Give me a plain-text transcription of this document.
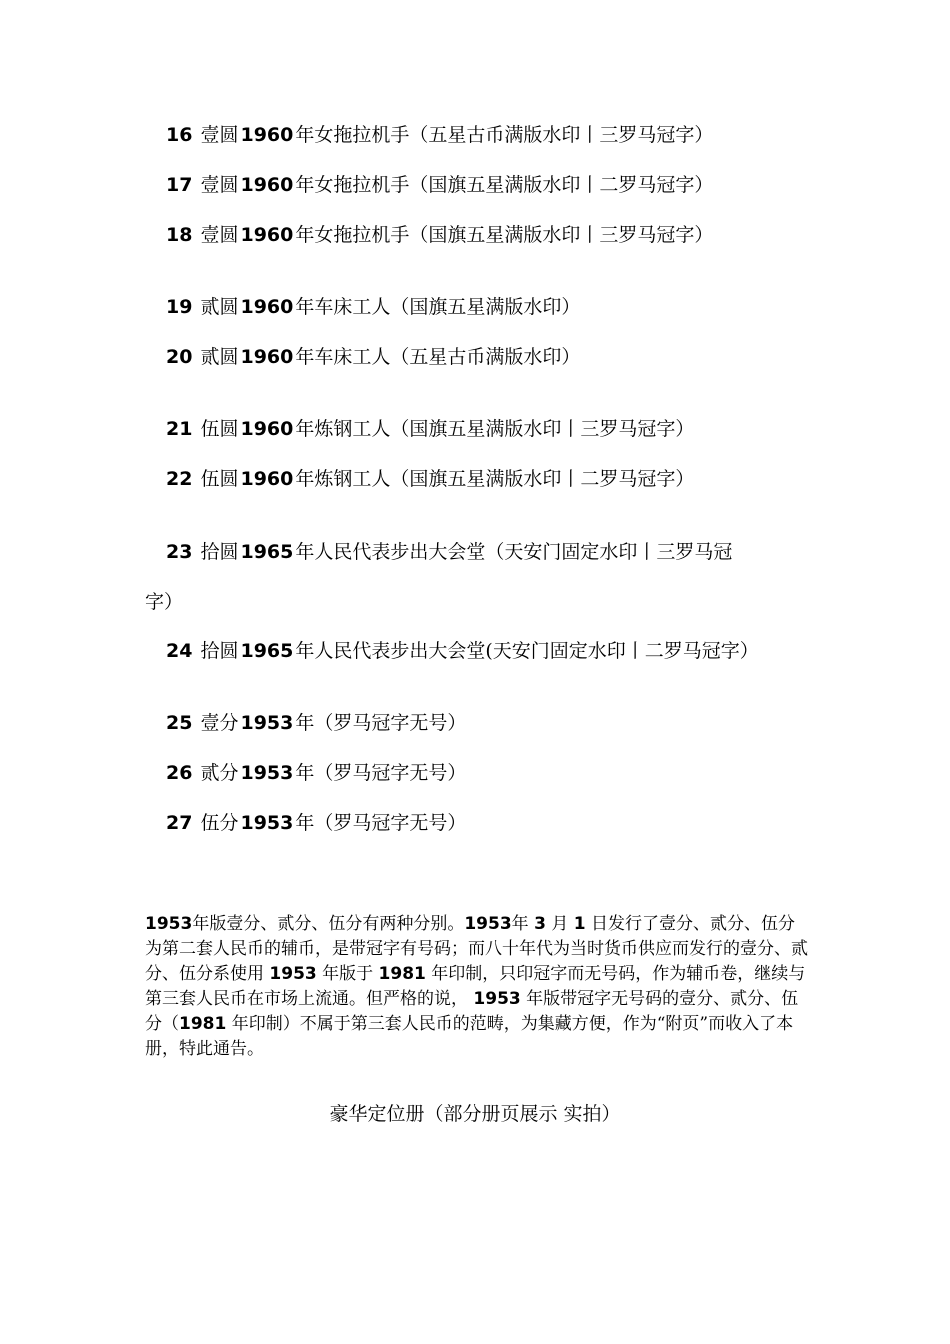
16 壹圆 1960 年女拖拉机手（五星古币满版水印丨三罗马冠字）
17 壹圆 1960 年女拖拉机手（国旗五星满版水印丨二罗马冠字）
18 壹圆 1960 年女拖拉机手（国旗五星满版水印丨三罗马冠字）
19 贰圆 1960 年车床工人（国旗五星满版水印）
20 贰圆 1960 年车床工人（五星古币满版水印）
21 伍圆 1960 年炼钢工人（国旗五星满版水印丨三罗马冠字）
22 伍圆 1960 年炼钢工人（国旗五星满版水印丨二罗马冠字）
23 拾圆 1965 年人民代表步出大会堂（天安门固定水印丨三罗马冠
字）
24 拾圆 1965 年人民代表步出大会堂(天安门固定水印丨二罗马冠字）
25 壹分 1953 年（罗马冠字无号）
26 贰分 1953 年（罗马冠字无号）
27 伍分 1953 年（罗马冠字无号）
1953年版壹分、贰分、伍分有两种分别。1953年 3 月 1 日发行了壹分、贰分、伍分为第二套人民币的辅币，是带冠字有号码；而八十年代为当时货币供应而发行的壹分、贰分、伍分系使用 1953 年版于 1981 年印制，只印冠字而无号码，作为辅币卷，继续与第三套人民币在市场上流通。但严格的说， 1953 年版带冠字无号码的壹分、贰分、伍分（1981 年印制）不属于第三套人民币的范畴，为集藏方便，作为“附页”而收入了本册，特此通告。
豪华定位册（部分册页展示 实拍）
